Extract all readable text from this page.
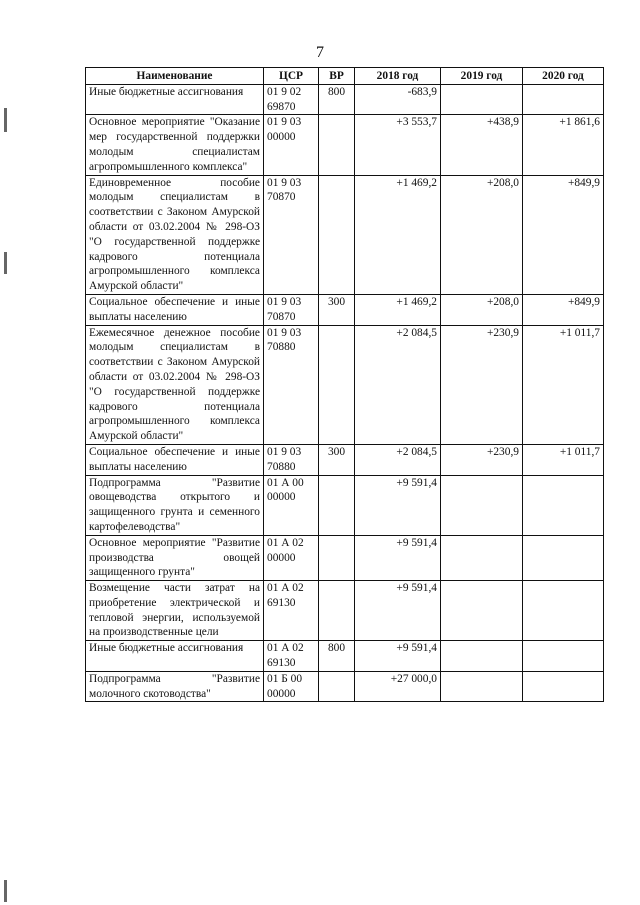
7
Наименование	ЦСР	ВР	2018 год	2019 год	2020 год
Иные бюджетные ассигнования	01 9 02 69870	800	-683,9		
Основное мероприятие "Оказание мер государственной поддержки молодым специалистам агропромышленного комплекса"	01 9 03 00000		+3 553,7	+438,9	+1 861,6
Единовременное пособие молодым специалистам в соответствии с Законом Амурской области от 03.02.2004 № 298-ОЗ "О государственной поддержке кадрового потенциала агропромышленного комплекса Амурской области"	01 9 03 70870		+1 469,2	+208,0	+849,9
Социальное обеспечение и иные выплаты населению	01 9 03 70870	300	+1 469,2	+208,0	+849,9
Ежемесячное денежное пособие молодым специалистам в соответствии с Законом Амурской области от 03.02.2004 № 298-ОЗ "О государственной поддержке кадрового потенциала агропромышленного комплекса Амурской области"	01 9 03 70880		+2 084,5	+230,9	+1 011,7
Социальное обеспечение и иные выплаты населению	01 9 03 70880	300	+2 084,5	+230,9	+1 011,7
Подпрограмма "Развитие овощеводства открытого и защищенного грунта и семенного картофелеводства"	01 А 00 00000		+9 591,4		
Основное мероприятие "Развитие производства овощей защищенного грунта"	01 А 02 00000		+9 591,4		
Возмещение части затрат на приобретение электрической и тепловой энергии, используемой на производственные цели	01 А 02 69130		+9 591,4		
Иные бюджетные ассигнования	01 А 02 69130	800	+9 591,4		
Подпрограмма "Развитие молочного скотоводства"	01 Б 00 00000		+27 000,0		
